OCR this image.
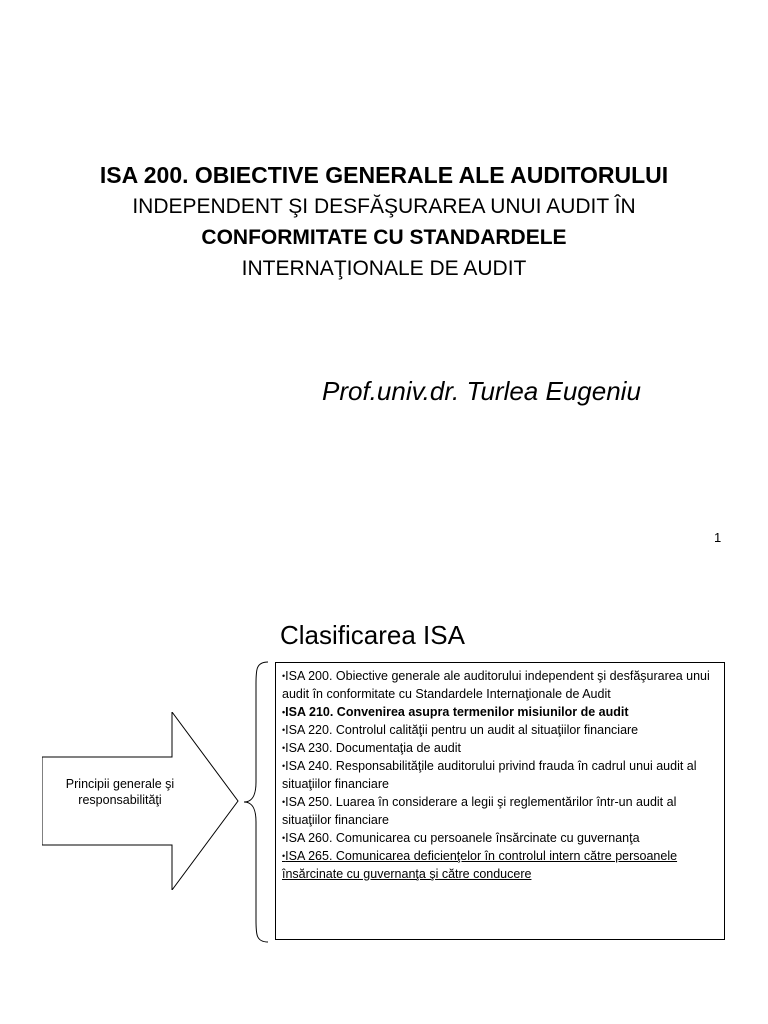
ISA 200. OBIECTIVE GENERALE ALE AUDITORULUI
INDEPENDENT ŞI DESFĂŞURAREA UNUI AUDIT ÎN
CONFORMITATE CU STANDARDELE
INTERNAŢIONALE DE AUDIT
Prof.univ.dr. Turlea Eugeniu
1
Clasificarea ISA
Principii generale şi responsabilităţi

•ISA 200. Obiective generale ale auditorului independent şi desfăşurarea unui audit în conformitate cu Standardele Internaţionale de Audit

•ISA 210. Convenirea asupra termenilor misiunilor de audit

•ISA 220. Controlul calităţii pentru un audit al situaţiilor financiare

•ISA 230. Documentaţia de audit

•ISA 240. Responsabilităţile auditorului privind frauda în cadrul unui audit al situaţiilor financiare

•ISA 250. Luarea în considerare a legii şi reglementărilor într-un audit al situaţiilor financiare

•ISA 260. Comunicarea cu persoanele însărcinate cu guvernanţa

•ISA 265. Comunicarea deficienţelor în controlul intern către persoanele însărcinate cu guvernanţa şi către conducere
